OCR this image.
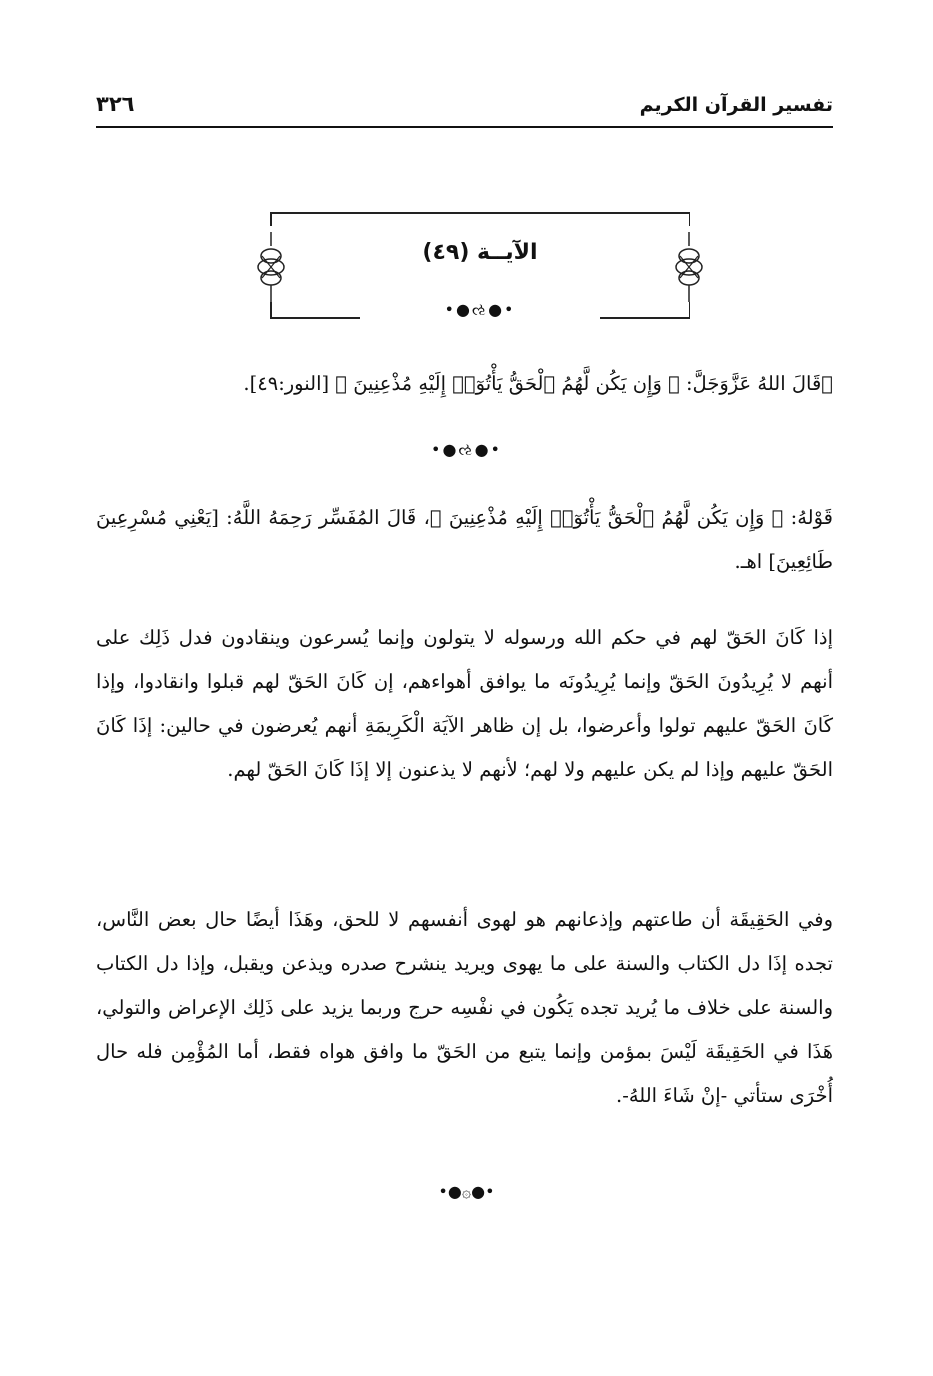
تفسير القرآن الكريم
٣٢٦
الآيــة (٤٩)
•●ઌ●•

۞قَالَ اللهُ عَزَّوَجَلَّ: ﴿ وَإِن يَكُن لَّهُمُ ٱلْحَقُّ يَأْتُوٓا۟ إِلَيْهِ مُذْعِنِينَ ﴾ [النور:٤٩].

•●ઌ●•

قَوْلهُ: ﴿ وَإِن يَكُن لَّهُمُ ٱلْحَقُّ يَأْتُوٓا۟ إِلَيْهِ مُذْعِنِينَ ﴾، قَالَ المُفَسِّر رَحِمَهُ اللَّهُ: [يَعْنِي مُسْرِعِينَ طَائِعِينَ] اهـ.

إذا كَانَ الحَقّ لهم في حكم الله ورسوله لا يتولون وإنما يُسرعون وينقادون فدل ذَلِك على أنهم لا يُرِيدُونَ الحَقّ وإنما يُرِيدُونَه ما يوافق أهواءهم، إن كَانَ الحَقّ لهم قبلوا وانقادوا، وإذا كَانَ الحَقّ عليهم تولوا وأعرضوا، بل إن ظاهر الآيَة الْكَرِيمَةِ أنهم يُعرضون في حالين: إذَا كَانَ الحَقّ عليهم وإذا لم يكن عليهم ولا لهم؛ لأنهم لا يذعنون إلا إذَا كَانَ الحَقّ لهم.

وفي الحَقِيقَة أن طاعتهم وإذعانهم هو لهوى أنفسهم لا للحق، وهَذَا أيضًا حال بعض النَّاس، تجده إذَا دل الكتاب والسنة على ما يهوى ويريد ينشرح صدره ويذعن ويقبل، وإذا دل الكتاب والسنة على خلاف ما يُريد تجده يَكُون في نفْسِه حرج وربما يزيد على ذَلِك الإعراض والتولي، هَذَا في الحَقِيقَة لَيْسَ بمؤمن وإنما يتبع من الحَقّ ما وافق هواه فقط، أما المُؤْمِن فله حال أُخْرَى ستأتي -إنْ شَاءَ اللهُ-.

•●۞●•
